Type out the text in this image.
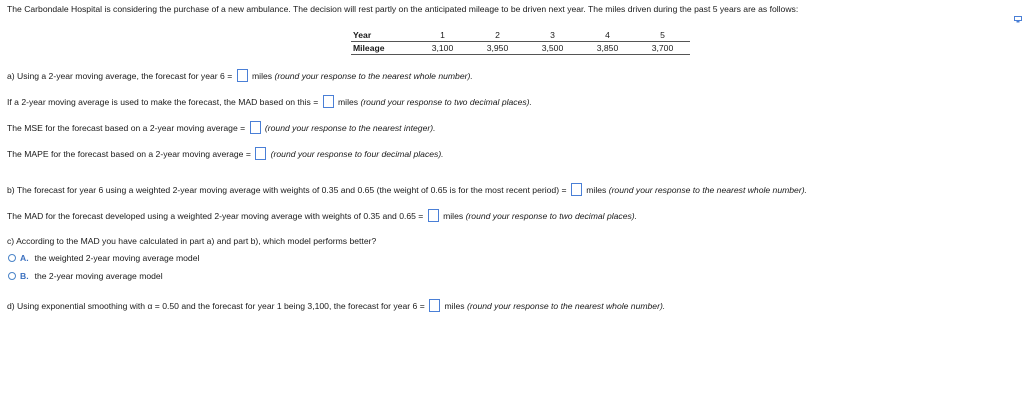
The Carbondale Hospital is considering the purchase of a new ambulance. The decision will rest partly on the anticipated mileage to be driven next year. The miles driven during the past 5 years are as follows:
Year	1	2	3	4	5
Mileage	3,100	3,950	3,500	3,850	3,700
a) Using a 2-year moving average, the forecast for year 6 = miles (round your response to the nearest whole number).
If a 2-year moving average is used to make the forecast, the MAD based on this = miles (round your response to two decimal places).
The MSE for the forecast based on a 2-year moving average = (round your response to the nearest integer).
The MAPE for the forecast based on a 2-year moving average = (round your response to four decimal places).
b) The forecast for year 6 using a weighted 2-year moving average with weights of 0.35 and 0.65 (the weight of 0.65 is for the most recent period) = miles (round your response to the nearest whole number).
The MAD for the forecast developed using a weighted 2-year moving average with weights of 0.35 and 0.65 = miles (round your response to two decimal places).
c) According to the MAD you have calculated in part a) and part b), which model performs better?
A. the weighted 2-year moving average model
B. the 2-year moving average model
d) Using exponential smoothing with α = 0.50 and the forecast for year 1 being 3,100, the forecast for year 6 = miles (round your response to the nearest whole number).
